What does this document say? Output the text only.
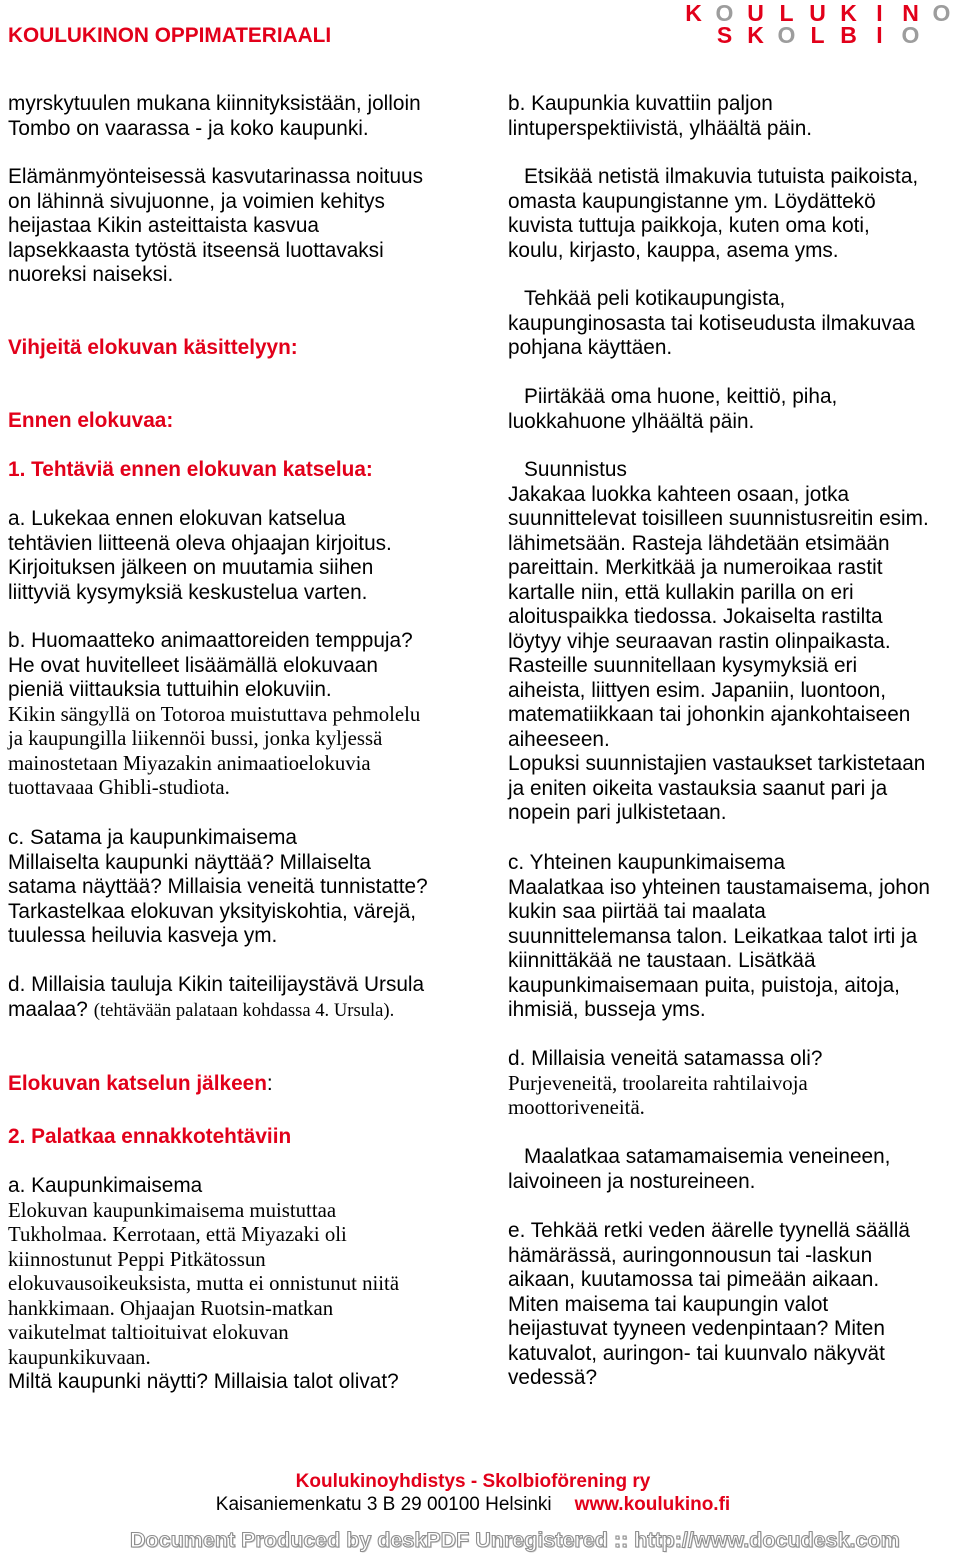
KOULUKINON OPPIMATERIAALI
K O U L U K I N O
S K O L B I O
myrskytuulen mukana kiinnityksistään, jolloin
Tombo on vaarassa - ja koko kaupunki.
Elämänmyönteisessä kasvutarinassa noituus
on lähinnä sivujuonne, ja voimien kehitys
heijastaa Kikin asteittaista kasvua
lapsekkaasta tytöstä itseensä luottavaksi
nuoreksi naiseksi.
Vihjeitä elokuvan käsittelyyn:
Ennen elokuvaa:
1. Tehtäviä ennen elokuvan katselua:
a. Lukekaa ennen elokuvan katselua
tehtävien liitteenä oleva ohjaajan kirjoitus.
Kirjoituksen jälkeen on muutamia siihen
liittyviä kysymyksiä keskustelua varten.
b. Huomaatteko animaattoreiden temppuja?
He ovat huvitelleet lisäämällä elokuvaan
pieniä viittauksia tuttuihin elokuviin.
Kikin sängyllä on Totoroa muistuttava pehmolelu
ja kaupungilla liikennöi bussi, jonka kyljessä
mainostetaan Miyazakin animaatioelokuvia
tuottavaaa Ghibli-studiota.
c. Satama ja kaupunkimaisema
Millaiselta kaupunki näyttää? Millaiselta
satama näyttää? Millaisia veneitä tunnistatte?
Tarkastelkaa elokuvan yksityiskohtia, värejä,
tuulessa heiluvia kasveja ym.
d. Millaisia tauluja Kikin taiteilijaystävä Ursula
maalaa? (tehtävään palataan kohdassa 4. Ursula).
Elokuvan katselun jälkeen:
2. Palatkaa ennakkotehtäviin
a. Kaupunkimaisema
Elokuvan kaupunkimaisema muistuttaa
Tukholmaa. Kerrotaan, että Miyazaki oli
kiinnostunut Peppi Pitkätossun
elokuvausoikeuksista, mutta ei onnistunut niitä
hankkimaan. Ohjaajan Ruotsin-matkan
vaikutelmat taltioituivat elokuvan
kaupunkikuvaan.
Miltä kaupunki näytti? Millaisia talot olivat?
b. Kaupunkia kuvattiin paljon
lintuperspektiivistä, ylhäältä päin.
Etsikää netistä ilmakuvia tutuista paikoista,
omasta kaupungistanne ym. Löydättekö
kuvista tuttuja paikkoja, kuten oma koti,
koulu, kirjasto, kauppa, asema yms.
Tehkää peli kotikaupungista,
kaupunginosasta tai kotiseudusta ilmakuvaa
pohjana käyttäen.
Piirtäkää oma huone, keittiö, piha,
luokkahuone ylhäältä päin.
Suunnistus
Jakakaa luokka kahteen osaan, jotka
suunnittelevat toisilleen suunnistusreitin esim.
lähimetsään. Rasteja lähdetään etsimään
pareittain. Merkitkää ja numeroikaa rastit
kartalle niin, että kullakin parilla on eri
aloituspaikka tiedossa. Jokaiselta rastilta
löytyy vihje seuraavan rastin olinpaikasta.
Rasteille suunnitellaan kysymyksiä eri
aiheista, liittyen esim. Japaniin, luontoon,
matematiikkaan tai johonkin ajankohtaiseen
aiheeseen.
Lopuksi suunnistajien vastaukset tarkistetaan
ja eniten oikeita vastauksia saanut pari ja
nopein pari julkistetaan.
c. Yhteinen kaupunkimaisema
Maalatkaa iso yhteinen taustamaisema, johon
kukin saa piirtää tai maalata
suunnittelemansa talon. Leikatkaa talot irti ja
kiinnittäkää ne taustaan. Lisätkää
kaupunkimaisemaan puita, puistoja, aitoja,
ihmisiä, busseja yms.
d. Millaisia veneitä satamassa oli?
Purjeveneitä, troolareita rahtilaivoja
moottoriveneitä.
Maalatkaa satamamaisemia veneineen,
laivoineen ja nostureineen.
e. Tehkää retki veden äärelle tyynellä säällä
hämärässä, auringonnousun tai -laskun
aikaan, kuutamossa tai pimeään aikaan.
Miten maisema tai kaupungin valot
heijastuvat tyyneen vedenpintaan? Miten
katuvalot, auringon- tai kuunvalo näkyvät
vedessä?
Koulukinoyhdistys - Skolbioförening ry
Kaisaniemenkatu 3 B 29 00100 Helsinki www.koulukino.fi
Document Produced by deskPDF Unregistered :: http://www.docudesk.com
